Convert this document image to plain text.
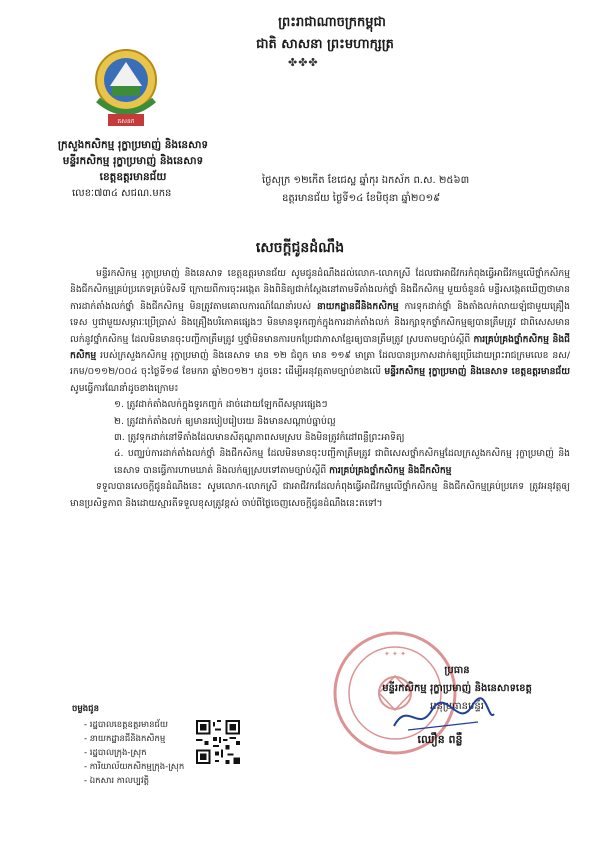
ព្រះរាជាណាចក្រកម្ពុជា
ជាតិ សាសនា ព្រះមហាក្សត្រ
✤✤✤
គសនក
ក្រសួងកសិកម្ម រុក្ខាប្រមាញ់ និងនេសាទ
មន្ទីរកសិកម្ម រុក្ខាប្រមាញ់ និងនេសាទ
ខេត្តឧត្តរមានជ័យ
លេខៈ៧៣៤ សជណ.មកន
ថ្ងៃសុក្រ ១២កើត ខែជេស្ឋ ឆ្នាំកុរ ឯកស័ក ព.ស. ២៥៦៣
ឧត្តរមានជ័យ ថ្ងៃទី១៤ ខែមិថុនា ឆ្នាំ២០១៩
សេចក្តីជូនដំណឹង

មន្ទីរកសិកម្ម រុក្ខាប្រមាញ់ និងនេសាទ ខេត្តឧត្តរមានជ័យ សូមជូនដំណឹងដល់លោក-លោកស្រី ដែលជាអាជីវករកំពុងធ្វើអាជីវកម្មលើថ្នាំកសិកម្ម និងជីកសិកម្មគ្រប់ប្រភេទគ្រប់ទិសទី ក្រោយពីការចុះអង្កេត និងពិនិត្យជាក់ស្តែងនៅតាមទីតាំងលក់ថ្នាំ និងជីកសិកម្ម មួយចំនួនធំ មន្ទីរសង្កេតឃើញថាមានការដាក់តាំងលក់ថ្នាំ និងជីកសិកម្ម មិនត្រូវតាមគោលការណ៍ណែនាំរបស់ នាយកដ្ឋានជីនិងកសិកម្ម ការទុកដាក់ថ្នាំ និងតាំងលក់លាយឡំជាមួយគ្រឿងទេស ឬជាមួយសម្ភារៈប្រើប្រាស់ និងគ្រឿងបរិភោគផ្សេងៗ មិនមានទូរកញ្ចក់ក្នុងការដាក់តាំងលក់ និងរក្សាទុកថ្នាំកសិកម្មឲ្យបានត្រឹមត្រូវ ជាពិសេសមានលក់នូវថ្នាំកសិកម្ម ដែលមិនមានចុះបញ្ជីកាត្រឹមត្រូវ ឬថ្នាំមិនមានការបកប្រែជាភាសាខ្មែរឲ្យបានត្រឹមត្រូវ ស្របតាមច្បាប់ស្តីពី ការគ្រប់គ្រងថ្នាំកសិកម្ម និងជីកសិកម្ម របស់ក្រសួងកសិកម្ម រុក្ខាប្រមាញ់ និងនេសាទ មាន ១២ ជំពូក មាន ១១៩ មាត្រា ដែលបានប្រកាសដាក់ឲ្យប្រើដោយព្រះរាជក្រមលេខ នស/រកម/០១១២/០០៤ ចុះថ្ងៃទី១៨ ខែមករា ឆ្នាំ២០១២។ ដូចនេះ ដើម្បីអនុវត្តតាមច្បាប់ខាងលើ មន្ទីរកសិកម្ម រុក្ខាប្រមាញ់ និងនេសាទ ខេត្តឧត្តរមានជ័យ សូមធ្វើការណែនាំដូចខាងក្រោម៖

១. ត្រូវដាក់តាំងលក់ក្នុងទូរកញ្ចក់ ដាច់ដោយឡែកពីសម្ភារផ្សេងៗ

២. ត្រូវដាក់តាំងលក់ ឲ្យមានរបៀបរៀបរយ និងមានសណ្តាប់ធ្នាប់ល្អ

៣. ត្រូវទុកដាក់នៅទីតាំងដែលមានសីតុណ្ហភាពសមស្រប និងមិនត្រូវកំដៅពន្លឺព្រះអាទិត្យ

៤. បញ្ឈប់ការដាក់តាំងលក់ថ្នាំ និងជីកសិកម្ម ដែលមិនមានចុះបញ្ជីកាត្រឹមត្រូវ ជាពិសេសថ្នាំកសិកម្មដែលក្រសួងកសិកម្ម រុក្ខាប្រមាញ់ និងនេសាទ បានធ្វើការហាមឃាត់ និងលក់ឲ្យស្របទៅតាមច្បាប់ស្តីពី ការគ្រប់គ្រងថ្នាំកសិកម្ម និងជីកសិកម្ម

ទទួលបានសេចក្តីជូនដំណឹងនេះ សូមលោក-លោកស្រី ជាអាជីវករដែលកំពុងធ្វើអាជីវកម្មលើថ្នាំកសិកម្ម និងជីកសិកម្មគ្រប់ប្រភេទ ត្រូវអនុវត្តឲ្យមានប្រសិទ្ធភាព និងដោយស្មារតីទទួលខុសត្រូវខ្ពស់ ចាប់ពីថ្ងៃចេញសេចក្តីជូនដំណឹងនេះតទៅ។

✦ ✦ ✦
ប្រធាន
មន្ទីរកសិកម្ម រុក្ខាប្រមាញ់ និងនេសាទខេត្ត
អនុប្រធានមន្ទីរ
ឈឿន ពន្លឺ
ចម្លងជូន
- រដ្ឋបាលខេត្តឧត្តរមានជ័យ
- នាយកដ្ឋានជីនិងកសិកម្ម
- រដ្ឋបាលក្រុង-ស្រុក
- ការិយាល័យកសិកម្មក្រុង-ស្រុក
- ឯកសារ កាលប្បវត្តិ
